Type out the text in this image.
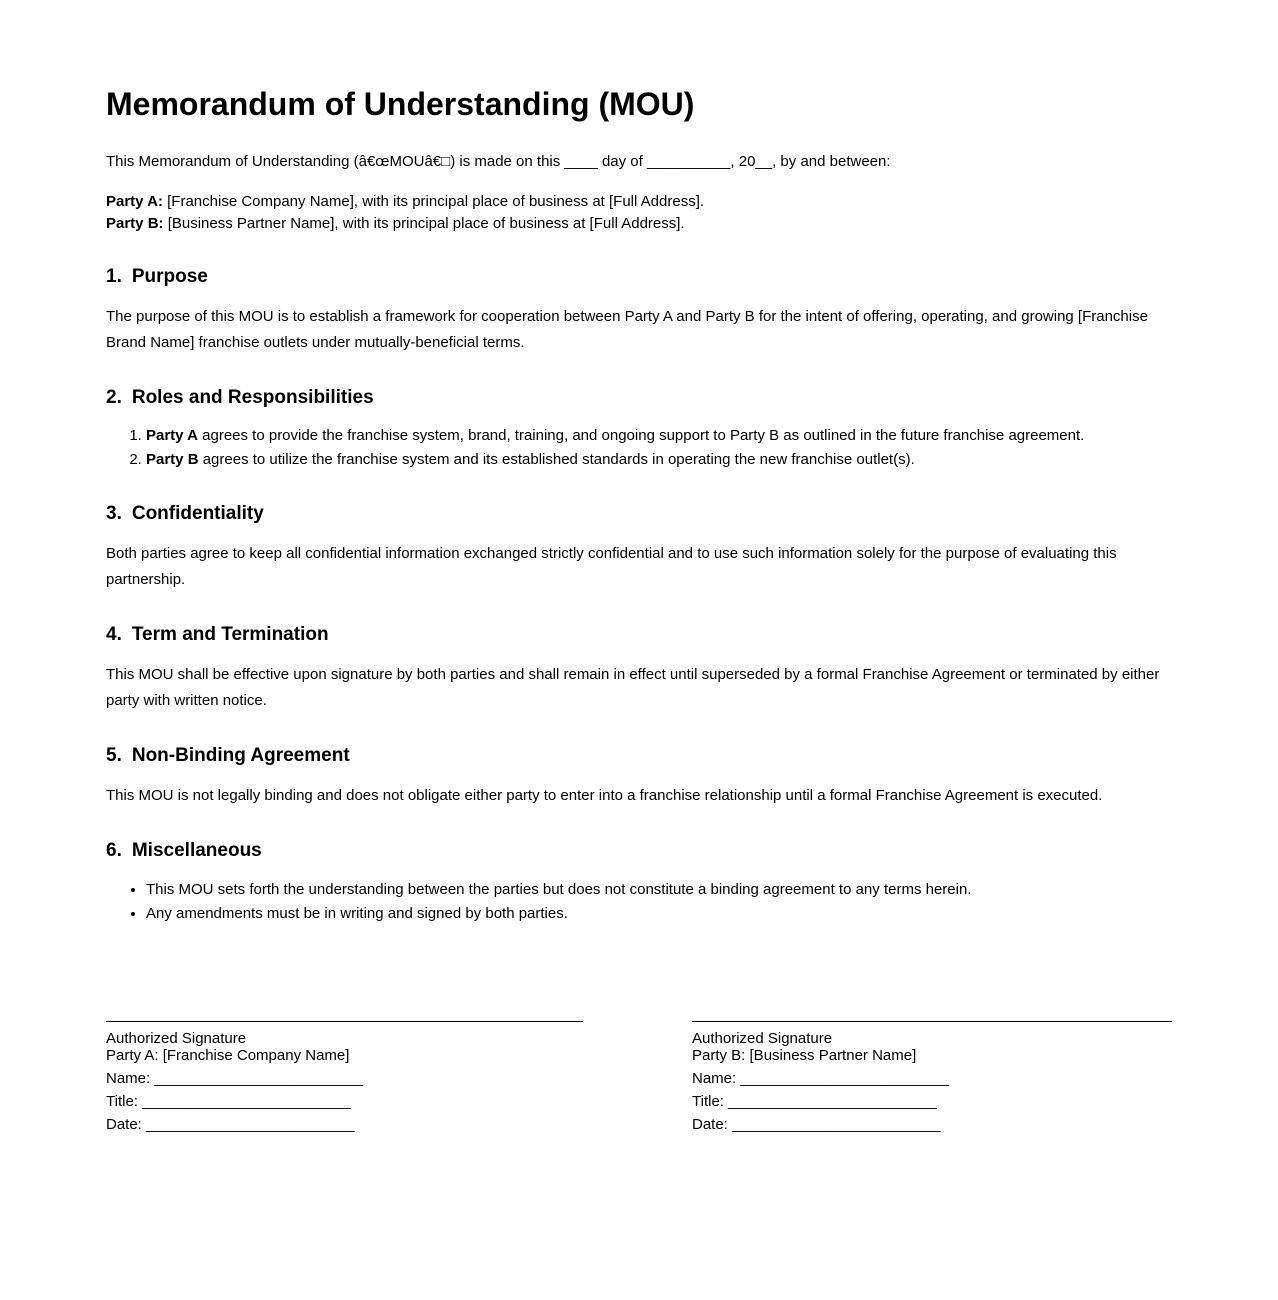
Memorandum of Understanding (MOU)

This Memorandum of Understanding (â€œMOUâ€□) is made on this ____ day of __________, 20__, by and between:

Party A: [Franchise Company Name], with its principal place of business at [Full Address].
Party B: [Business Partner Name], with its principal place of business at [Full Address].

1. Purpose

The purpose of this MOU is to establish a framework for cooperation between Party A and Party B for the intent of offering, operating, and growing [Franchise Brand Name] franchise outlets under mutually-beneficial terms.

2. Roles and Responsibilities
1. Party A agrees to provide the franchise system, brand, training, and ongoing support to Party B as outlined in the future franchise agreement.
2. Party B agrees to utilize the franchise system and its established standards in operating the new franchise outlet(s).
3. Confidentiality

Both parties agree to keep all confidential information exchanged strictly confidential and to use such information solely for the purpose of evaluating this partnership.

4. Term and Termination

This MOU shall be effective upon signature by both parties and shall remain in effect until superseded by a formal Franchise Agreement or terminated by either party with written notice.

5. Non-Binding Agreement

This MOU is not legally binding and does not obligate either party to enter into a franchise relationship until a formal Franchise Agreement is executed.

6. Miscellaneous
• This MOU sets forth the understanding between the parties but does not constitute a binding agreement to any terms herein.
• Any amendments must be in writing and signed by both parties.
Authorized Signature
Party A: [Franchise Company Name]
Name: _________________________
Title: _________________________
Date: _________________________
Authorized Signature
Party B: [Business Partner Name]
Name: _________________________
Title: _________________________
Date: _________________________
